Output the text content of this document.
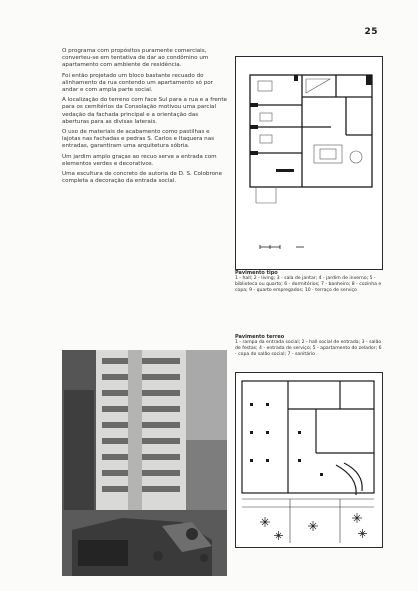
25

O programa com propósitos puramente comerciais, converteu-se em tentativa de dar ao condômino um apartamento com ambiente de residência.

Foi então projetado um bloco bastante recuado do alinhamento da rua contendo um apartamento só por andar e com ampla parte social.

A localização do terreno com face Sul para a rua e a frente para os cemitérios da Consolação motivou uma parcial vedação da fachada principal e a orientação das aberturas para as divisas laterais.

O uso de materiais de acabamento como pastilhas e lajotas nas fachadas e pedras S. Carlos e Itaquera nas entradas, garantiram uma arquitetura sóbria.

Um jardim amplo graças ao recuo serve a entrada com elementos verdes e decorativos.

Uma escultura de concreto de autoria de D. S. Colobrone completa a decoração da entrada social.

Pavimento tipo
1 - hall; 2 - living; 3 - sala de jantar; 4 - jardim de inverno; 5 - biblioteca ou quarto; 6 - dormitórios; 7 - banheiro; 8 - cozinha e copa; 9 - quarto empregados; 10 - terraço de serviço
Pavimento terreo
1 - rampa da entrada social; 2 - hall social de entrada; 3 - salão de festas; 4 - entrada de serviço; 5 - apartamento do zelador; 6 - copa do salão social; 7 - sanitário
